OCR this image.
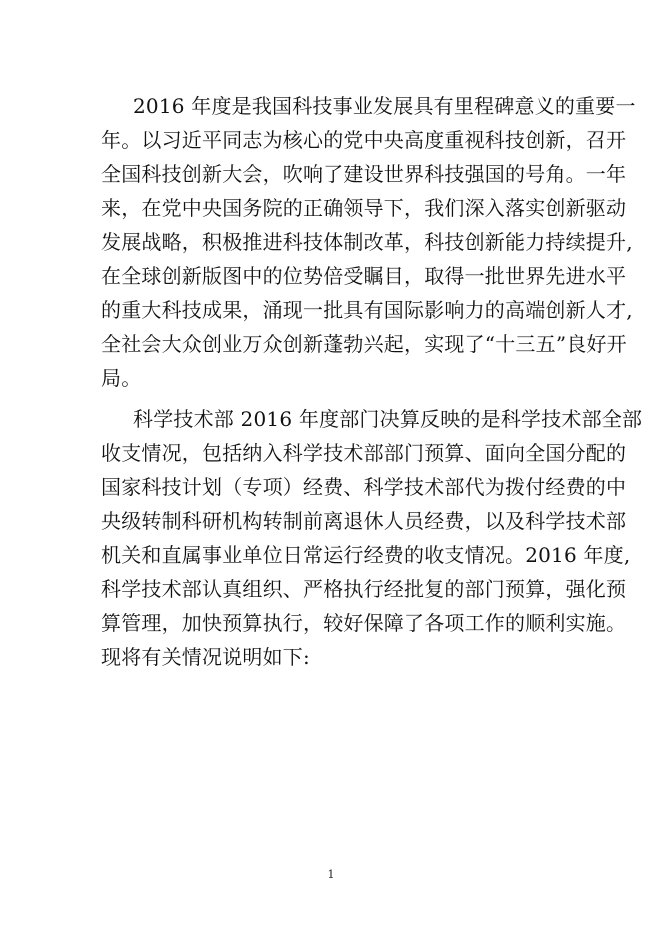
2016 年度是我国科技事业发展具有里程碑意义的重要一
年。以习近平同志为核心的党中央高度重视科技创新，召开
全国科技创新大会，吹响了建设世界科技强国的号角。一年
来，在党中央国务院的正确领导下，我们深入落实创新驱动
发展战略，积极推进科技体制改革，科技创新能力持续提升,
在全球创新版图中的位势倍受瞩目，取得一批世界先进水平
的重大科技成果，涌现一批具有国际影响力的高端创新人才,
全社会大众创业万众创新蓬勃兴起，实现了“十三五”良好开
局。
科学技术部 2016 年度部门决算反映的是科学技术部全部
收支情况，包括纳入科学技术部部门预算、面向全国分配的
国家科技计划（专项）经费、科学技术部代为拨付经费的中
央级转制科研机构转制前离退休人员经费，以及科学技术部
机关和直属事业单位日常运行经费的收支情况。2016 年度,
科学技术部认真组织、严格执行经批复的部门预算，强化预
算管理，加快预算执行，较好保障了各项工作的顺利实施。
现将有关情况说明如下:
1
